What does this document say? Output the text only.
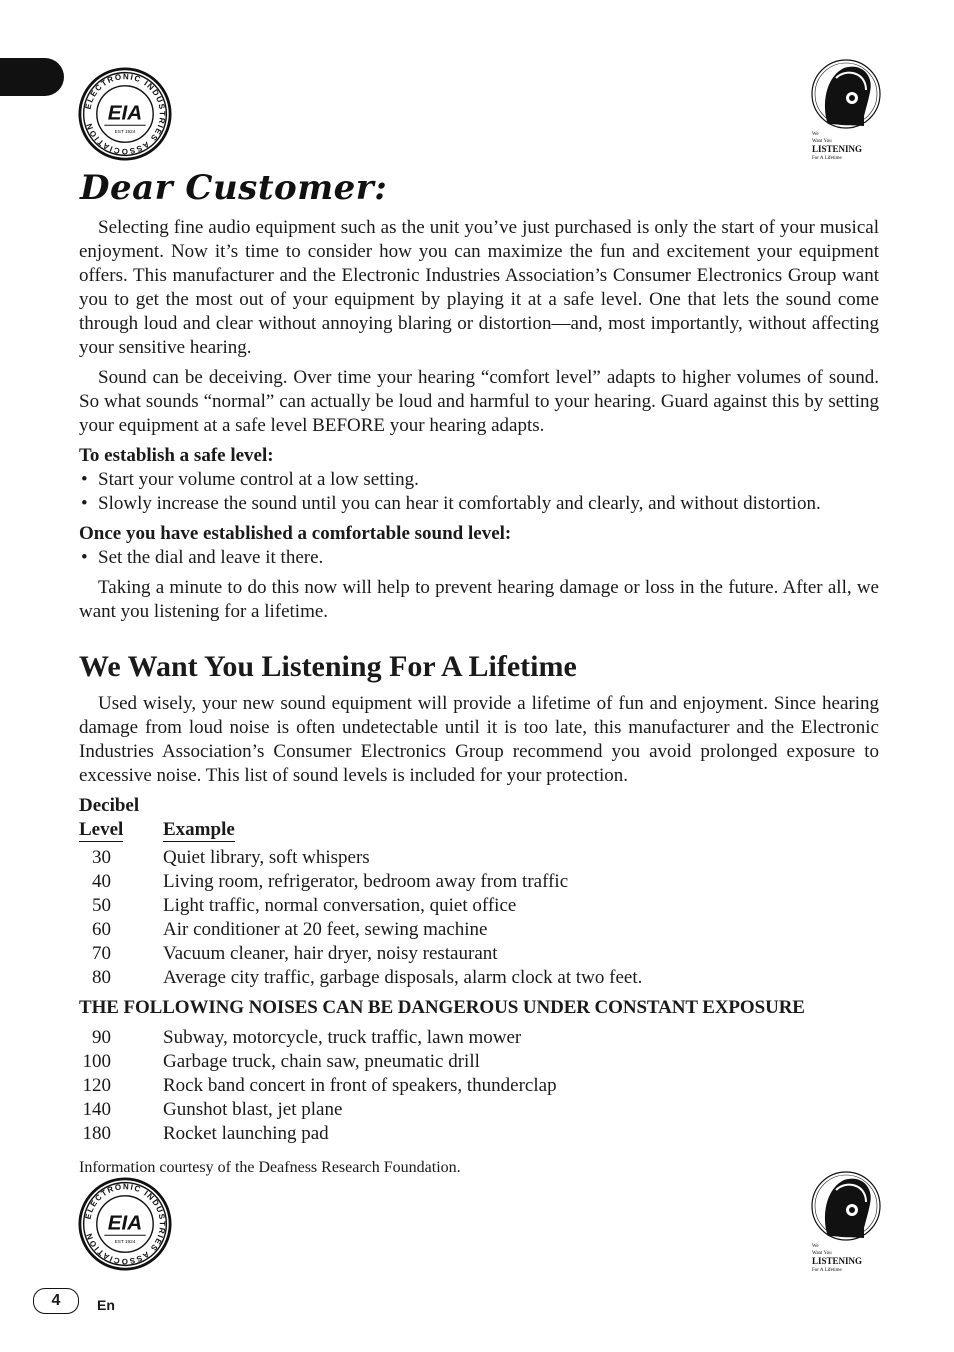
ELECTRONIC INDUSTRIES ASSOCIATION
EIA
EST 1924
We
Want You
LISTENING
For A Lifetime
Dear Customer:

Selecting fine audio equipment such as the unit you’ve just purchased is only the start of your musical enjoyment. Now it’s time to consider how you can maximize the fun and excitement your equipment offers. This manufacturer and the Electronic Industries Association’s Consumer Electronics Group want you to get the most out of your equipment by playing it at a safe level. One that lets the sound come through loud and clear without annoying blaring or distortion—and, most importantly, without affecting your sensitive hearing.

Sound can be deceiving. Over time your hearing “comfort level” adapts to higher volumes of sound. So what sounds “normal” can actually be loud and harmful to your hearing. Guard against this by setting your equipment at a safe level BEFORE your hearing adapts.

To establish a safe level:
• Start your volume control at a low setting.
• Slowly increase the sound until you can hear it comfortably and clearly, and without distortion.
Once you have established a comfortable sound level:
• Set the dial and leave it there.

Taking a minute to do this now will help to prevent hearing damage or loss in the future. After all, we want you listening for a lifetime.

We Want You Listening For A Lifetime

Used wisely, your new sound equipment will provide a lifetime of fun and enjoyment. Since hearing damage from loud noise is often undetectable until it is too late, this manufacturer and the Electronic Industries Association’s Consumer Electronics Group recommend you avoid prolonged exposure to excessive noise. This list of sound levels is included for your protection.

Decibel
Level	Example
30	Quiet library, soft whispers
40	Living room, refrigerator, bedroom away from traffic
50	Light traffic, normal conversation, quiet office
60	Air conditioner at 20 feet, sewing machine
70	Vacuum cleaner, hair dryer, noisy restaurant
80	Average city traffic, garbage disposals, alarm clock at two feet.
THE FOLLOWING NOISES CAN BE DANGEROUS UNDER CONSTANT EXPOSURE
90	Subway, motorcycle, truck traffic, lawn mower
100	Garbage truck, chain saw, pneumatic drill
120	Rock band concert in front of speakers, thunderclap
140	Gunshot blast, jet plane
180	Rocket launching pad
Information courtesy of the Deafness Research Foundation.
ELECTRONIC INDUSTRIES ASSOCIATION
EIA
EST 1924
We
Want You
LISTENING
For A Lifetime
4	En
